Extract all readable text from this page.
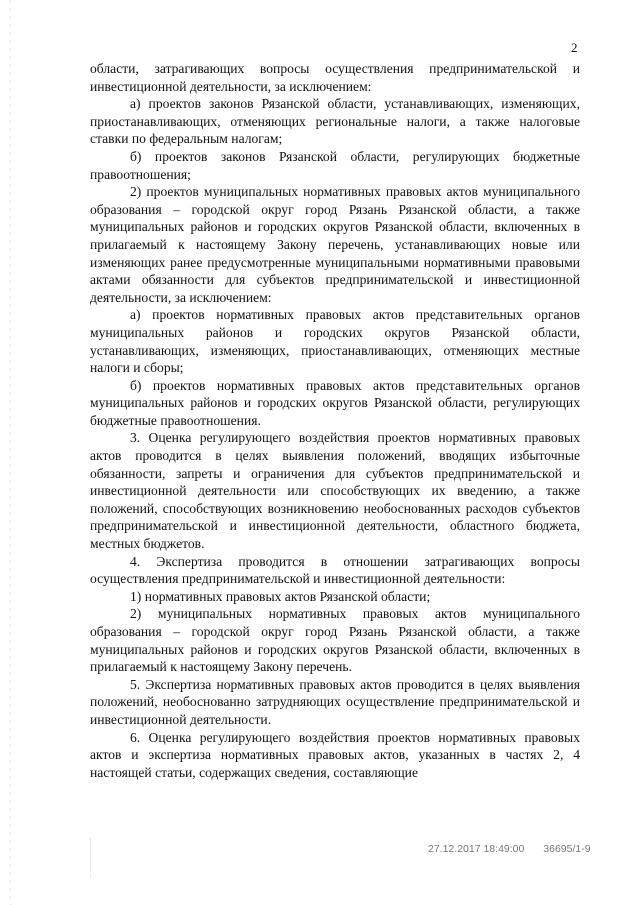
2

области, затрагивающих вопросы осуществления предпринимательской и инвестиционной деятельности, за исключением:

а) проектов законов Рязанской области, устанавливающих, изменяющих, приостанавливающих, отменяющих региональные налоги, а также налоговые ставки по федеральным налогам;

б) проектов законов Рязанской области, регулирующих бюджетные правоотношения;

2) проектов муниципальных нормативных правовых актов муниципального образования – городской округ город Рязань Рязанской области, а также муниципальных районов и городских округов Рязанской области, включенных в прилагаемый к настоящему Закону перечень, устанавливающих новые или изменяющих ранее предусмотренные муниципальными нормативными правовыми актами обязанности для субъектов предпринимательской и инвестиционной деятельности, за исключением:

а) проектов нормативных правовых актов представительных органов муниципальных районов и городских округов Рязанской области, устанавливающих, изменяющих, приостанавливающих, отменяющих местные налоги и сборы;

б) проектов нормативных правовых актов представительных органов муниципальных районов и городских округов Рязанской области, регулирующих бюджетные правоотношения.

3. Оценка регулирующего воздействия проектов нормативных правовых актов проводится в целях выявления положений, вводящих избыточные обязанности, запреты и ограничения для субъектов предпринимательской и инвестиционной деятельности или способствующих их введению, а также положений, способствующих возникновению необоснованных расходов субъектов предпринимательской и инвестиционной деятельности, областного бюджета, местных бюджетов.

4. Экспертиза проводится в отношении затрагивающих вопросы осуществления предпринимательской и инвестиционной деятельности:

1) нормативных правовых актов Рязанской области;

2) муниципальных нормативных правовых актов муниципального образования – городской округ город Рязань Рязанской области, а также муниципальных районов и городских округов Рязанской области, включенных в прилагаемый к настоящему Закону перечень.

5. Экспертиза нормативных правовых актов проводится в целях выявления положений, необоснованно затрудняющих осуществление предпринимательской и инвестиционной деятельности.

6. Оценка регулирующего воздействия проектов нормативных правовых актов и экспертиза нормативных правовых актов, указанных в частях 2, 4 настоящей статьи, содержащих сведения, составляющие

27.12.2017 18:49:00 36695/1-9
